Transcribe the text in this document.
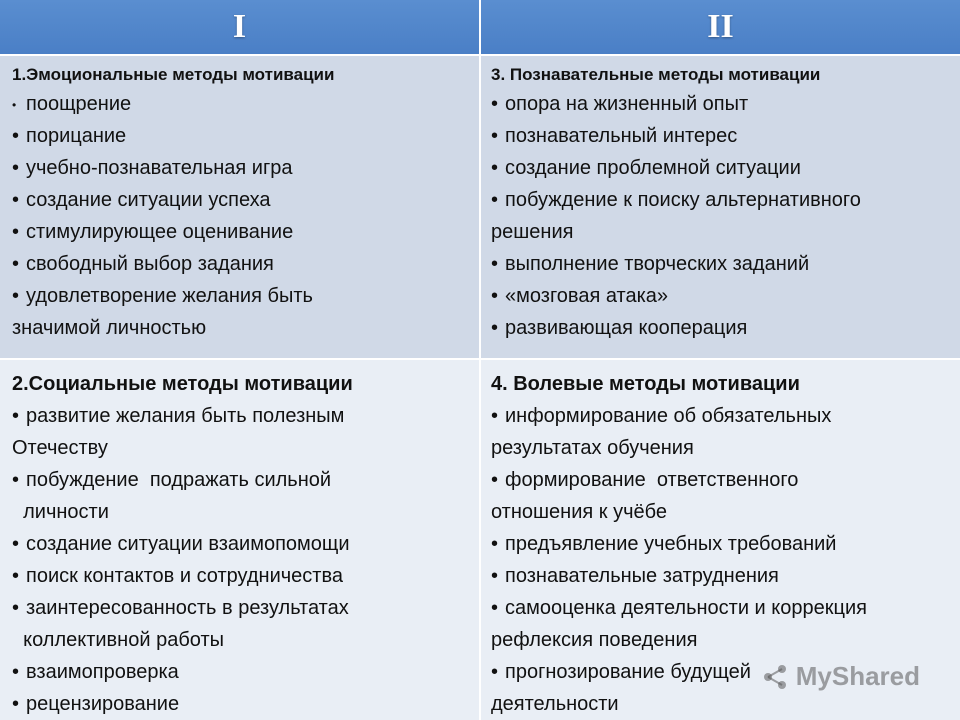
I	II
1.Эмоциональные методы мотивации
• поощрение
• порицание
• учебно-познавательная игра
• создание ситуации успеха
• стимулирующее оценивание
• свободный выбор задания
• удовлетворение желания быть
значимой личностью
3. Познавательные методы мотивации
• опора на жизненный опыт
• познавательный интерес
• создание проблемной ситуации
• побуждение к поиску альтернативного
решения
• выполнение творческих заданий
• «мозговая атака»
• развивающая кооперация
2.Социальные методы мотивации
• развитие желания быть полезным
Отечеству
• побуждение  подражать сильной
личности
• создание ситуации взаимопомощи
• поиск контактов и сотрудничества
• заинтересованность в результатах
коллективной работы
• взаимопроверка
• рецензирование
4. Волевые методы мотивации
• информирование об обязательных
результатах обучения
• формирование  ответственного
отношения к учёбе
• предъявление учебных требований
• познавательные затруднения
• самооценка деятельности и коррекция
рефлексия поведения
• прогнозирование будущей
деятельности
MyShared
